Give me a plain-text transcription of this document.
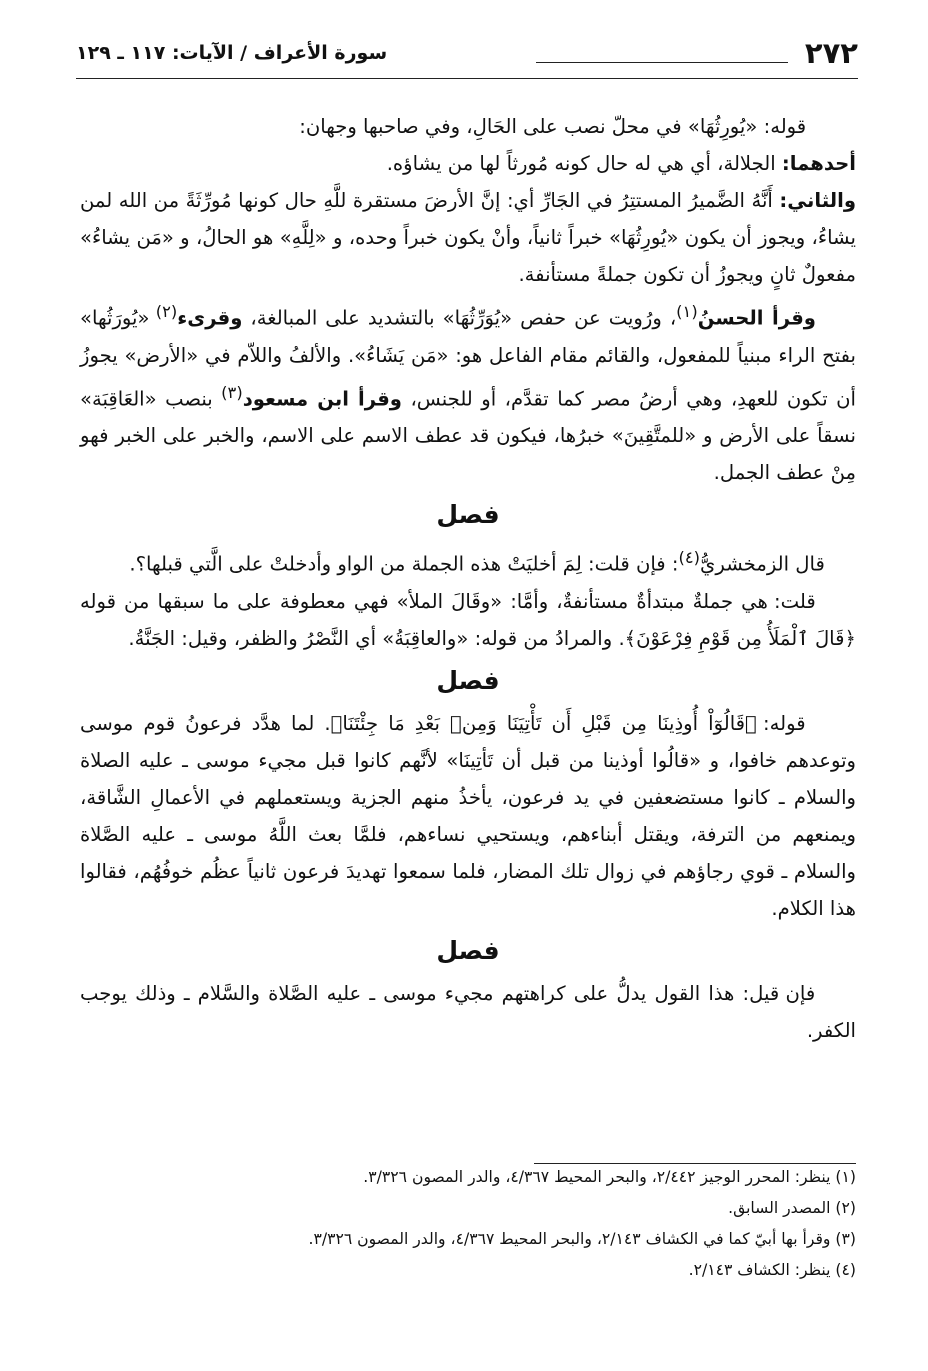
٢٧٢
سورة الأعراف / الآيات: ١١٧ ـ ١٢٩

قوله: «يُورِثُهَا» في محلّ نصب على الحَالِ، وفي صاحبها وجهان:

أحدهما: الجلالة، أي هي له حال كونه مُورثاً لها من يشاؤه.

والثاني: أَنَّهُ الضَّميرُ المستتِرُ في الجَارِّ أي: إنَّ الأرضَ مستقرة للَّهِ حال كونها مُورِّثَةً من الله لمن يشاءُ، ويجوز أن يكون «يُورِثُهَا» خبراً ثانياً، وأنْ يكون خبراً وحده، و «لِلَّهِ» هو الحالُ، و «مَن يشاءُ» مفعولٌ ثانٍ ويجوزُ أن تكون جملةً مستأنفة.

وقرأ الحسنُ$^{(١)}$، ورُويت عن حفص «يُوَرِّثُهَا» بالتشديد على المبالغة، وقرىء$^{(٢)}$ «يُورَثُها» بفتح الراء مبنياً للمفعول، والقائم مقام الفاعل هو: «مَن يَشَاءُ». والألفُ واللاّم في «الأرض» يجوزُ أن تكون للعهدِ، وهي أرضُ مصر كما تقدَّم، أو للجنس، وقرأ ابن مسعود$^{(٣)}$ بنصب «العَاقِبَة» نسقاً على الأرض و «للمتَّقِينَ» خبرُها، فيكون قد عطف الاسم على الاسم، والخبر على الخبر فهو مِنْ عطف الجمل.

فصل

قال الزمخشريُّ$^{(٤)}$: فإن قلت: لِمَ أخليَتْ هذه الجملة من الواو وأدخلتْ على الَّتي قبلها؟.

قلت: هي جملةٌ مبتدأةٌ مستأنفةٌ، وأمَّا: «وقَالَ الملأ» فهي معطوفة على ما سبقها من قوله ﴿قَالَ ٱلْمَلَأُ مِن قَوْمِ فِرْعَوْنَ﴾. والمرادُ من قوله: «والعاقِبَةُ» أي النَّصْرُ والظفر، وقيل: الجَنَّةُ.

فصل

قوله: ﴿قَالُوٓاْ أُوذِينَا مِن قَبْلِ أَن تَأْتِيَنَا وَمِنۢ بَعْدِ مَا جِئْتَنَا﴾. لما هدَّد فرعونُ قوم موسى وتوعدهم خافوا، و «قالُوا أوذينا من قبل أن تَأتِينَا» لأنَّهم كانوا قبل مجيء موسى ـ عليه الصلاة والسلام ـ كانوا مستضعفين في يد فرعون، يأخذُ منهم الجزية ويستعملهم في الأعمالِ الشَّاقة، ويمنعهم من الترفة، ويقتل أبناءهم، ويستحيي نساءهم، فلمَّا بعث اللَّهُ موسى ـ عليه الصَّلاة والسلام ـ قوي رجاؤهم في زوال تلك المضار، فلما سمعوا تهديدَ فرعون ثانياً عظُم خوفُهُم، فقالوا هذا الكلام.

فصل

فإن قيل: هذا القول يدلُّ على كراهتهم مجيء موسى ـ عليه الصَّلاة والسَّلام ـ وذلك يوجب الكفر.

(١) ينظر: المحرر الوجيز ٢/٤٤٢، والبحر المحيط ٤/٣٦٧، والدر المصون ٣/٣٢٦.

(٢) المصدر السابق.

(٣) وقرأ بها أبيّ كما في الكشاف ٢/١٤٣، والبحر المحيط ٤/٣٦٧، والدر المصون ٣/٣٢٦.

(٤) ينظر: الكشاف ٢/١٤٣.
